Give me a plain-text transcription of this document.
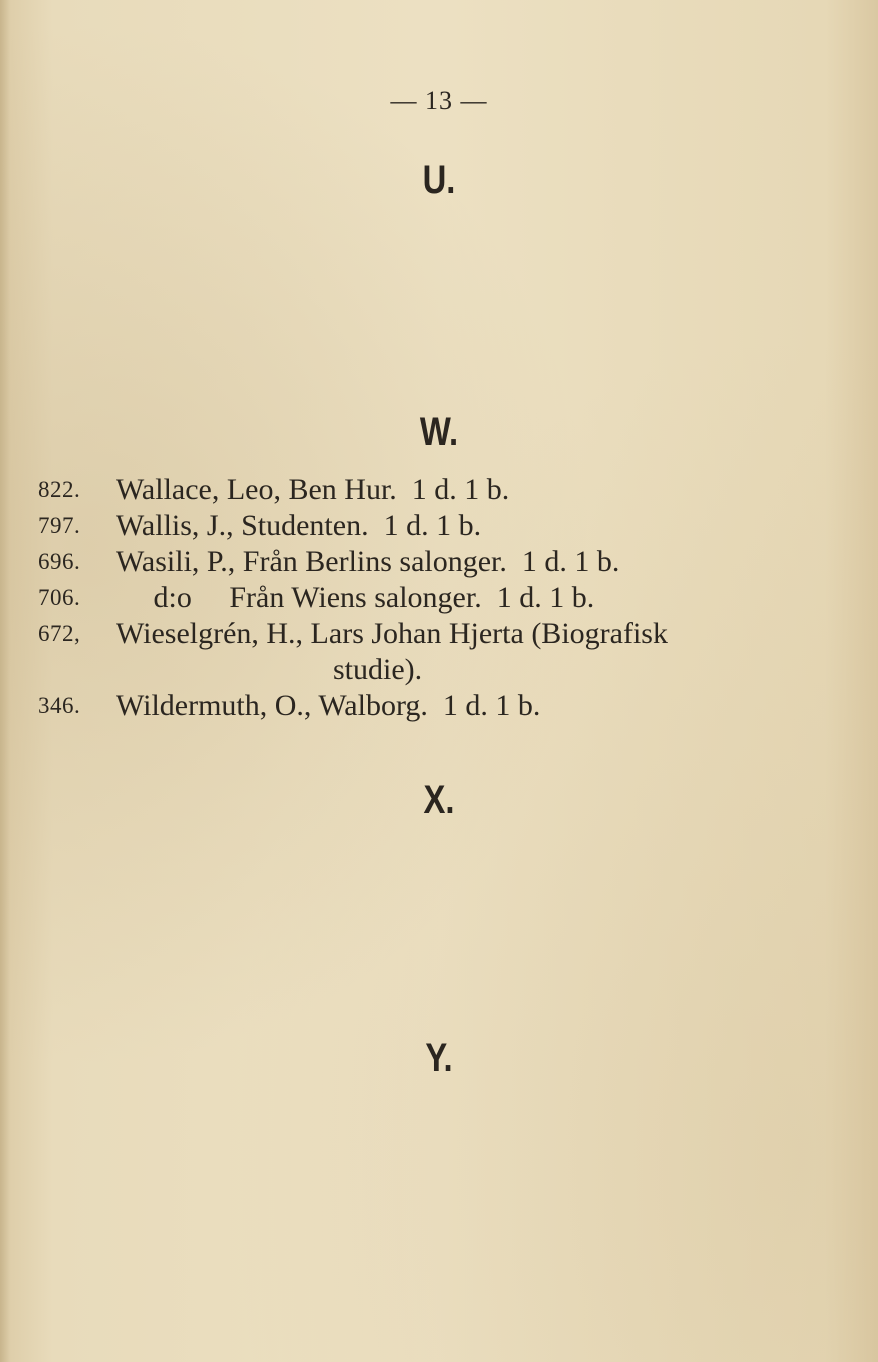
— 13 —
U.
W.
822.	Wallace, Leo, Ben Hur.  1 d. 1 b.
797.	Wallis, J., Studenten.  1 d. 1 b.
696.	Wasili, P., Från Berlins salonger.  1 d. 1 b.
706.	d:o     Från Wiens salonger.  1 d. 1 b.
672,	Wieselgrén, H., Lars Johan Hjerta (Biografisk
studie).
346.	Wildermuth, O., Walborg.  1 d. 1 b.
X.
Y.
